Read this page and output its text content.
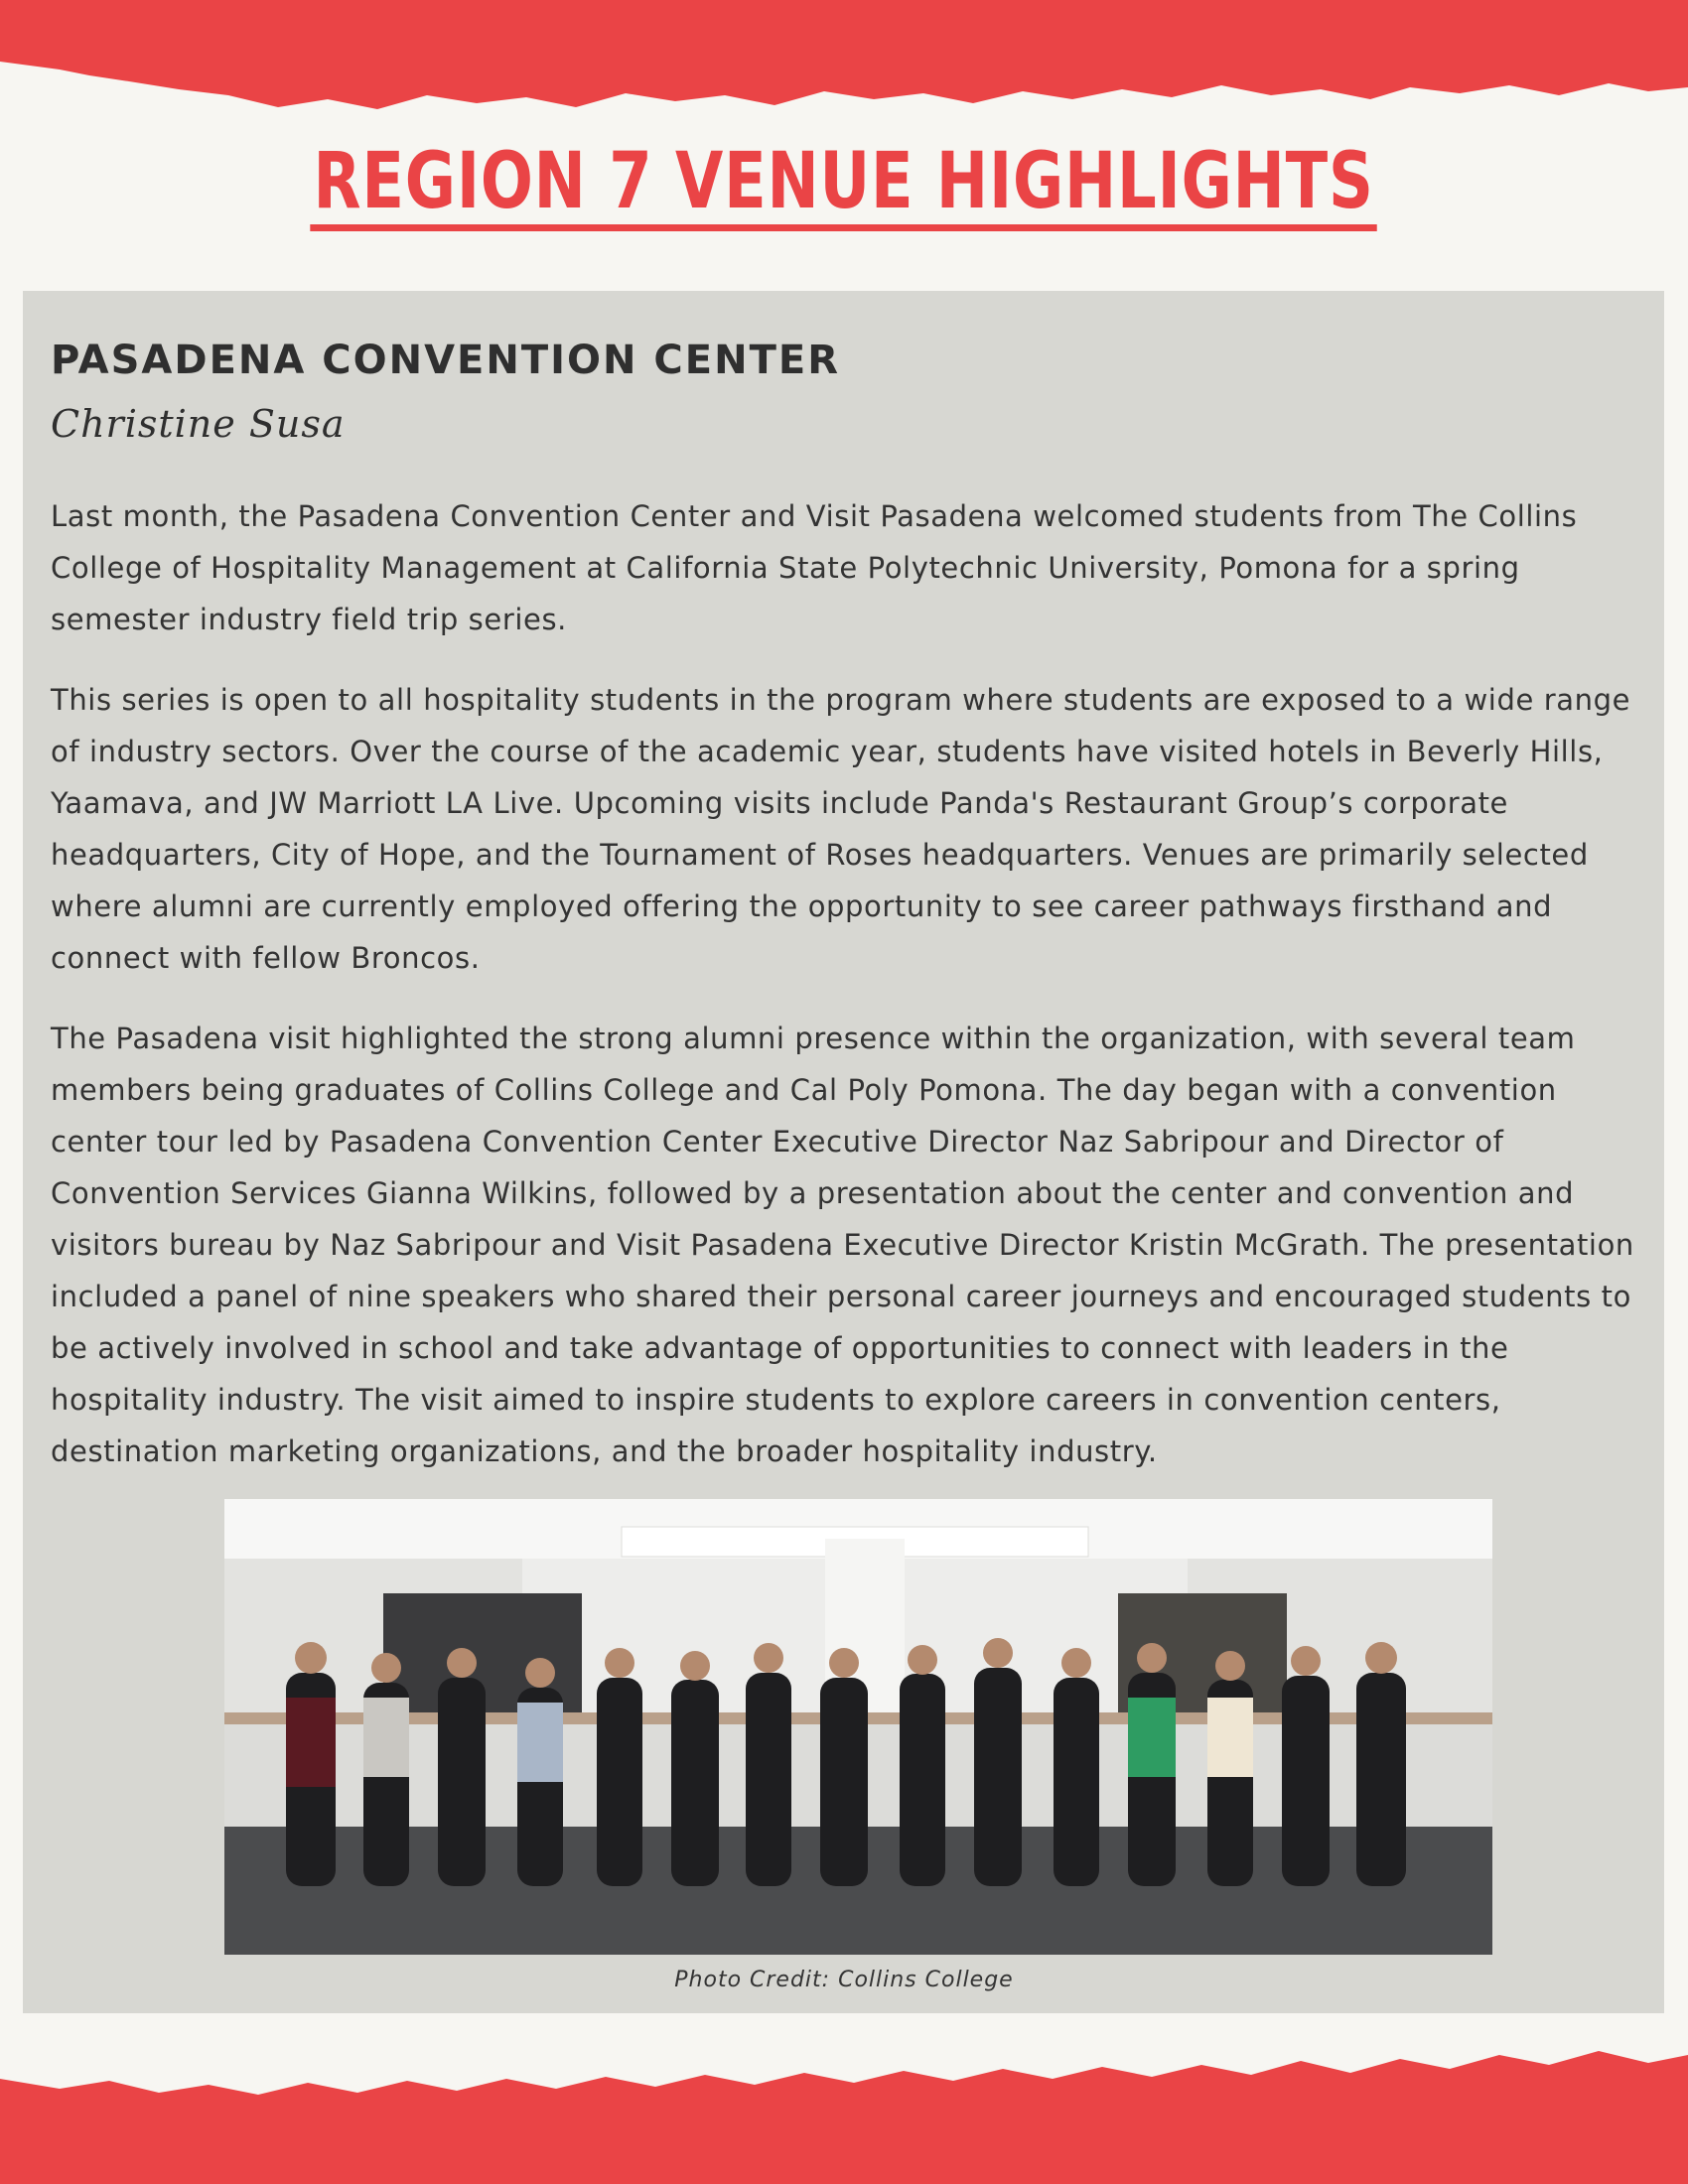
REGION 7 VENUE HIGHLIGHTS
PASADENA CONVENTION CENTER

Christine Susa

Last month, the Pasadena Convention Center and Visit Pasadena welcomed students from The Collins College of Hospitality Management at California State Polytechnic University, Pomona for a spring semester industry field trip series.

This series is open to all hospitality students in the program where students are exposed to a wide range of industry sectors. Over the course of the academic year, students have visited hotels in Beverly Hills, Yaamava, and JW Marriott LA Live. Upcoming visits include Panda's Restaurant Group’s corporate headquarters, City of Hope, and the Tournament of Roses headquarters. Venues are primarily selected where alumni are currently employed offering the opportunity to see career pathways firsthand and connect with fellow Broncos.

The Pasadena visit highlighted the strong alumni presence within the organization, with several team members being graduates of Collins College and Cal Poly Pomona. The day began with a convention center tour led by Pasadena Convention Center Executive Director Naz Sabripour and Director of Convention Services Gianna Wilkins, followed by a presentation about the center and convention and visitors bureau by Naz Sabripour and Visit Pasadena Executive Director Kristin McGrath. The presentation included a panel of nine speakers who shared their personal career journeys and encouraged students to be actively involved in school and take advantage of opportunities to connect with leaders in the hospitality industry. The visit aimed to inspire students to explore careers in convention centers, destination marketing organizations, and the broader hospitality industry.

Photo Credit: Collins College
